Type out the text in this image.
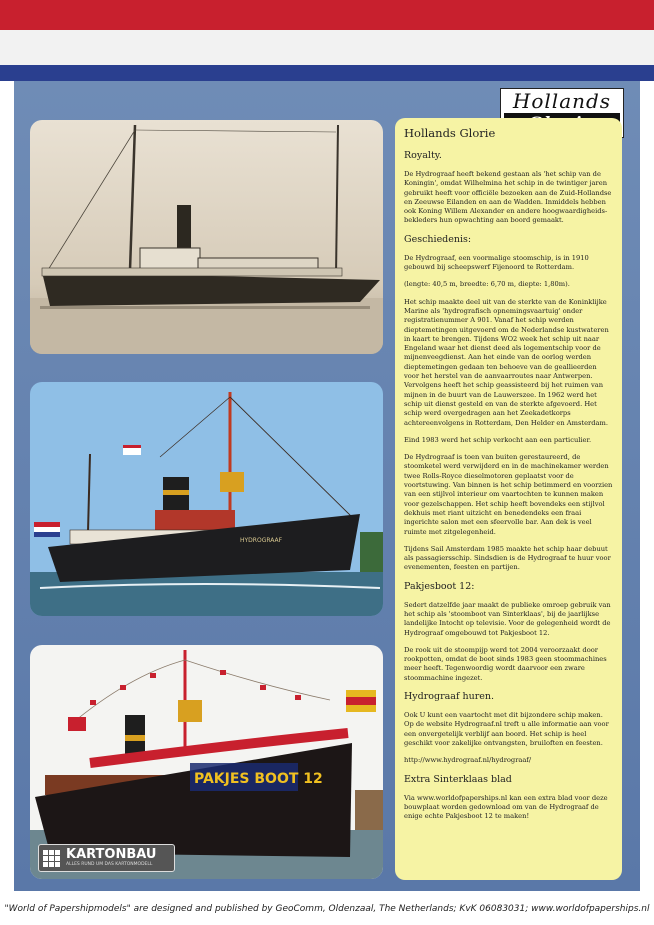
Hollands
HYDROGRAAF
PAKJES BOOT 12
KARTONBAU
ALLES RUND UM DAS KARTONMODELL
Hollands Glorie
Royalty.

De Hydrograaf heeft bekend gestaan als 'het schip van de Koningin', omdat Wilhelmina het schip in de twintiger jaren gebruikt heeft voor officiële bezoeken aan de Zuid-Hollandse en Zeeuwse Eilanden en aan de Wadden. Inmiddels hebben ook Koning Willem Alexander en andere hoogwaardigheids-bekleders hun opwachting aan boord gemaakt.

Geschiedenis:

De Hydrograaf, een voormalige stoomschip, is in 1910 gebouwd bij scheepswerf Fijenoord te Rotterdam.

(lengte: 40,5 m, breedte: 6,70 m, diepte: 1,80m).

Het schip maakte deel uit van de sterkte van de Koninklijke Marine als 'hydrografisch opnemingsvaartuig' onder registratienummer A 901. Vanaf het schip werden dieptemetingen uitgevoerd om de Nederlandse kustwateren in kaart te brengen. Tijdens WO2 week het schip uit naar Engeland waar het dienst deed als logementschip voor de mijnenveegdienst. Aan het einde van de oorlog werden dieptemetingen gedaan ten behoeve van de geallieerden voor het herstel van de aanvaarroutes naar Antwerpen. Vervolgens heeft het schip geassisteerd bij het ruimen van mijnen in de buurt van de Lauwerszee. In 1962 werd het schip uit dienst gesteld en van de sterkte afgevoerd. Het schip werd overgedragen aan het Zeekadetkorps achtereenvolgens in Rotterdam, Den Helder en Amsterdam.

Eind 1983 werd het schip verkocht aan een particulier.

De Hydrograaf is toen van buiten gerestaureerd, de stoomketel werd verwijderd en in de machinekamer werden twee Rolls-Royce dieselmotoren geplaatst voor de voortstuwing. Van binnen is het schip betimmerd en voorzien van een stijlvol interieur om vaartochten te kunnen maken voor gezelschappen. Het schip heeft bovendeks een stijlvol dekhuis met riant uitzicht en benedendeks een fraai ingerichte salon met een sfeervolle bar. Aan dek is veel ruimte met zitgelegenheid.

Tijdens Sail Amsterdam 1985 maakte het schip haar debuut als passagiersschip. Sindsdien is de Hydrograaf te huur voor evenementen, feesten en partijen.

Pakjesboot 12:

Sedert datzelfde jaar maakt de publieke omroep gebruik van het schip als 'stoomboot van Sinterklaas', bij de jaarlijkse landelijke Intocht op televisie. Voor de gelegenheid wordt de Hydrograaf omgebouwd tot Pakjesboot 12.

De rook uit de stoompijp werd tot 2004 veroorzaakt door rookpotten, omdat de boot sinds 1983 geen stoommachines meer heeft. Tegenwoordig wordt daarvoor een zware stoommachine ingezet.

Hydrograaf huren.

Ook U kunt een vaartocht met dit bijzondere schip maken. Op de website Hydrograaf.nl treft u alle informatie aan voor een onvergetelijk verblijf aan boord. Het schip is heel geschikt voor zakelijke ontvangsten, bruiloften en feesten.

http://www.hydrograaf.nl/hydrograaf/

Extra Sinterklaas blad

Via www.worldofpaperships.nl kan een extra blad voor deze bouwplaat worden gedownload om van de Hydrograaf de enige echte Pakjesboot 12 te maken!

"World of Papershipmodels" are designed and published by GeoComm, Oldenzaal, The Netherlands; KvK 06083031; www.worldofpaperships.nl
